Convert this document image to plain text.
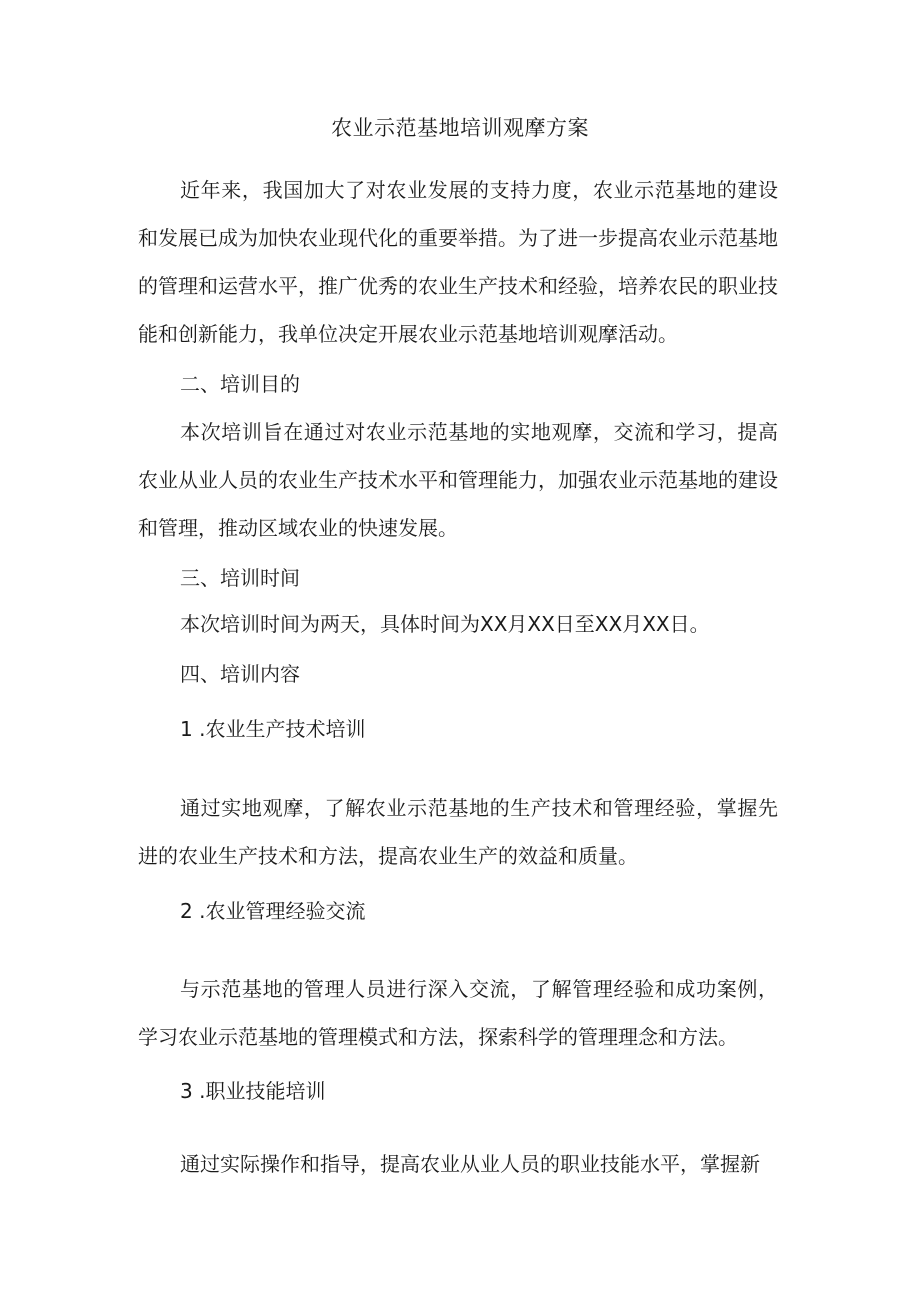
农业示范基地培训观摩方案

近年来，我国加大了对农业发展的支持力度，农业示范基地的建设和发展已成为加快农业现代化的重要举措。为了进一步提高农业示范基地的管理和运营水平，推广优秀的农业生产技术和经验，培养农民的职业技能和创新能力，我单位决定开展农业示范基地培训观摩活动。

二、培训目的

本次培训旨在通过对农业示范基地的实地观摩，交流和学习，提高农业从业人员的农业生产技术水平和管理能力，加强农业示范基地的建设和管理，推动区域农业的快速发展。

三、培训时间

本次培训时间为两天，具体时间为XX月XX日至XX月XX日。

四、培训内容
1 .农业生产技术培训

通过实地观摩，了解农业示范基地的生产技术和管理经验，掌握先进的农业生产技术和方法，提高农业生产的效益和质量。

2 .农业管理经验交流

与示范基地的管理人员进行深入交流，了解管理经验和成功案例，学习农业示范基地的管理模式和方法，探索科学的管理理念和方法。

3 .职业技能培训

通过实际操作和指导，提高农业从业人员的职业技能水平，掌握新
